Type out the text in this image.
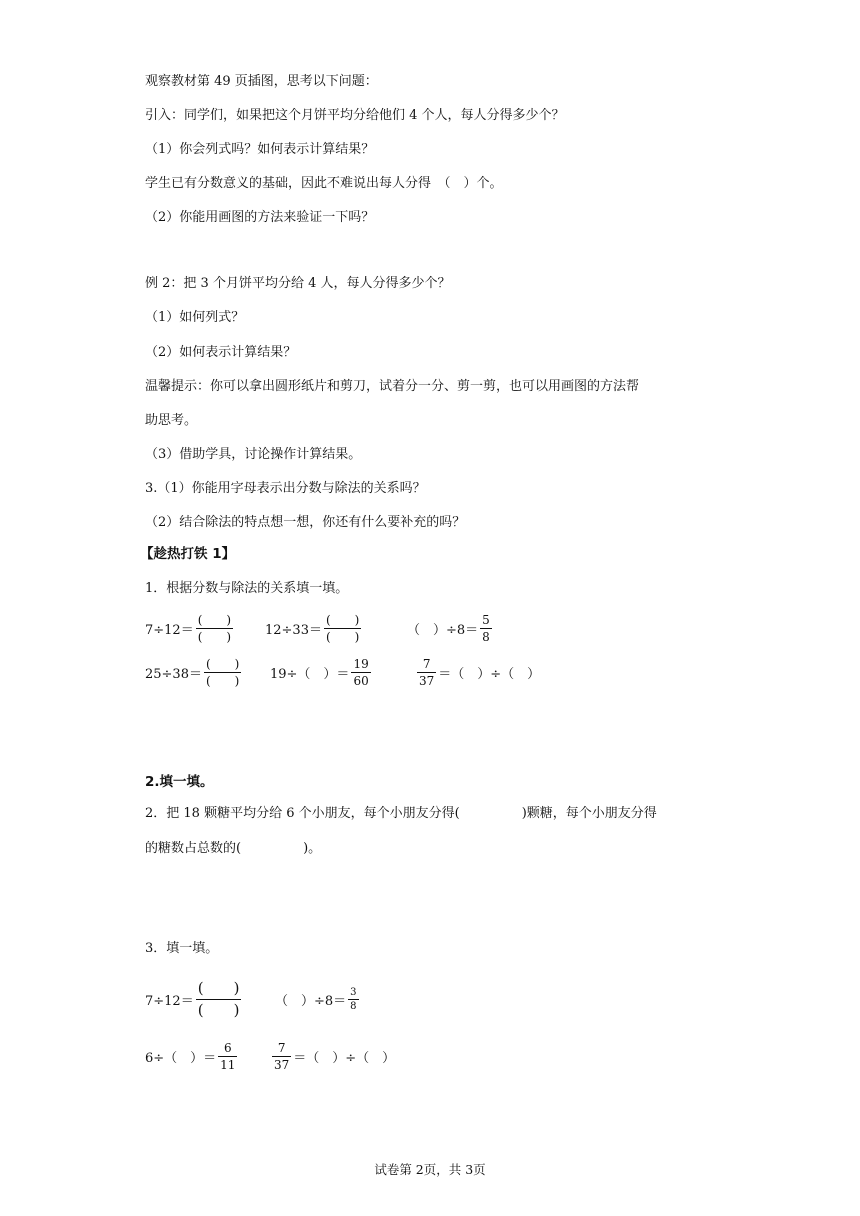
观察教材第 49 页插图，思考以下问题：
引入：同学们，如果把这个月饼平均分给他们 4 个人，每人分得多少个？
（1）你会列式吗？如何表示计算结果？
学生已有分数意义的基础，因此不难说出每人分得　（　）个。
（2）你能用画图的方法来验证一下吗？
例 2：把 3 个月饼平均分给 4 人，每人分得多少个？
（1）如何列式？
（2）如何表示计算结果？
温馨提示：你可以拿出圆形纸片和剪刀，试着分一分、剪一剪，也可以用画图的方法帮
助思考。
（3）借助学具，讨论操作计算结果。
3.（1）你能用字母表示出分数与除法的关系吗？
（2）结合除法的特点想一想，你还有什么要补充的吗？
【趁热打铁 1】
1．根据分数与除法的关系填一填。
$7\div 12= \frac{( )}{( )} 12\div 33= \frac{( )}{( )}$	（　）$\div 8= \frac{5}{8}$
$25\div 38= \frac{( )}{( )} 19\div$（　）＝ $\frac{19}{60}$	$\frac{7}{37}$ ＝（　）÷（　）
2.填一填。
2．把 18 颗糖平均分给 6 个小朋友，每个小朋友分得(	)颗糖，每个小朋友分得
的糖数占总数的(	)。
3．填一填。
$7\div 12= \frac{( )}{( )}$	（　）$\div 8= \frac{3}{8}$
6÷（　）＝ $\frac{6}{11}$	$\frac{7}{37}$ ＝（　）÷（　）
试卷第 2页，共 3页
